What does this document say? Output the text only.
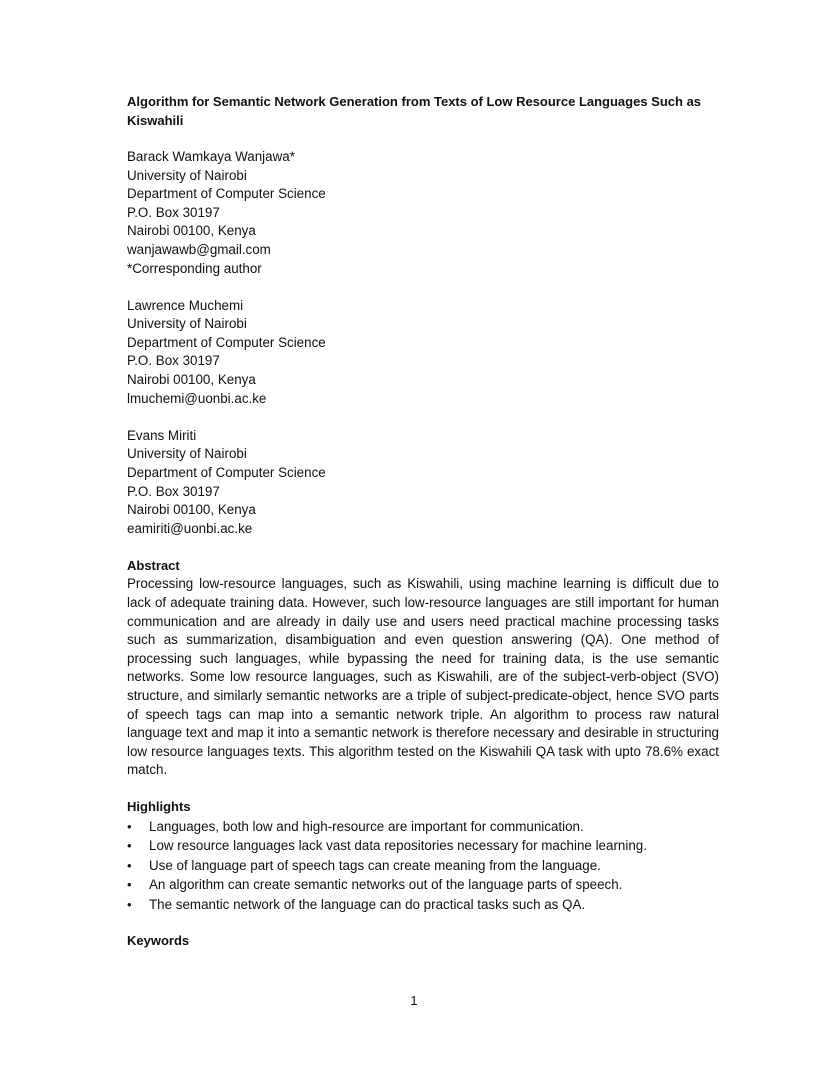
Algorithm for Semantic Network Generation from Texts of Low Resource Languages Such as Kiswahili
Barack Wamkaya Wanjawa*
University of Nairobi
Department of Computer Science
P.O. Box 30197
Nairobi 00100, Kenya
wanjawawb@gmail.com
*Corresponding author
Lawrence Muchemi
University of Nairobi
Department of Computer Science
P.O. Box 30197
Nairobi 00100, Kenya
lmuchemi@uonbi.ac.ke
Evans Miriti
University of Nairobi
Department of Computer Science
P.O. Box 30197
Nairobi 00100, Kenya
eamiriti@uonbi.ac.ke
Abstract

Processing low-resource languages, such as Kiswahili, using machine learning is difficult due to lack of adequate training data. However, such low-resource languages are still important for human communication and are already in daily use and users need practical machine processing tasks such as summarization, disambiguation and even question answering (QA). One method of processing such languages, while bypassing the need for training data, is the use semantic networks. Some low resource languages, such as Kiswahili, are of the subject-verb-object (SVO) structure, and similarly semantic networks are a triple of subject-predicate-object, hence SVO parts of speech tags can map into a semantic network triple. An algorithm to process raw natural language text and map it into a semantic network is therefore necessary and desirable in structuring low resource languages texts. This algorithm tested on the Kiswahili QA task with upto 78.6% exact match.

Highlights
• Languages, both low and high-resource are important for communication.
• Low resource languages lack vast data repositories necessary for machine learning.
• Use of language part of speech tags can create meaning from the language.
• An algorithm can create semantic networks out of the language parts of speech.
• The semantic network of the language can do practical tasks such as QA.
Keywords
1
